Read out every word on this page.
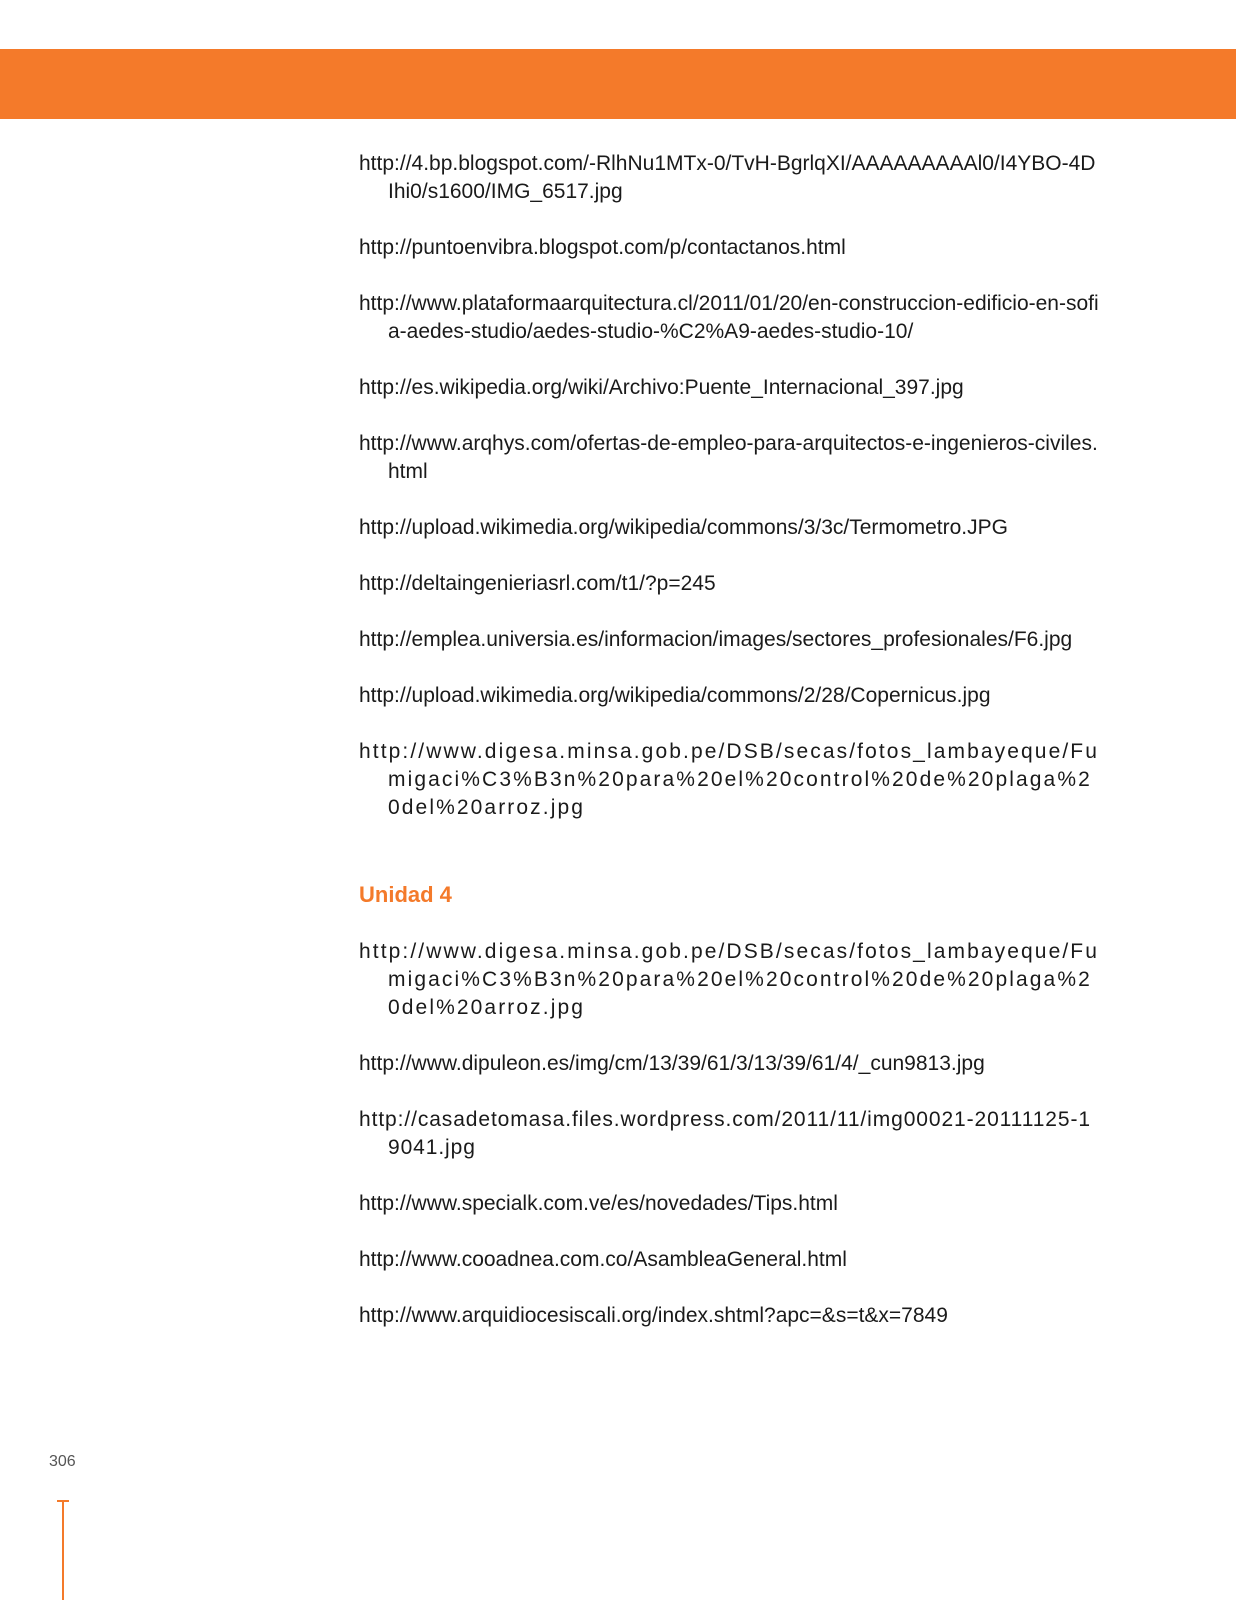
http://4.bp.blogspot.com/-RlhNu1MTx-0/TvH-BgrlqXI/AAAAAAAAAl0/I4YBO-4DIhi0/s1600/IMG_6517.jpg
http://puntoenvibra.blogspot.com/p/contactanos.html
http://www.plataformaarquitectura.cl/2011/01/20/en-construccion-edificio-en-sofia-aedes-studio/aedes-studio-%C2%A9-aedes-studio-10/
http://es.wikipedia.org/wiki/Archivo:Puente_Internacional_397.jpg
http://www.arqhys.com/ofertas-de-empleo-para-arquitectos-e-ingenieros-civiles.html
http://upload.wikimedia.org/wikipedia/commons/3/3c/Termometro.JPG
http://deltaingenieriasrl.com/t1/?p=245
http://emplea.universia.es/informacion/images/sectores_profesionales/F6.jpg
http://upload.wikimedia.org/wikipedia/commons/2/28/Copernicus.jpg
http://www.digesa.minsa.gob.pe/DSB/secas/fotos_lambayeque/Fumigaci%C3%B3n%20para%20el%20control%20de%20plaga%20del%20arroz.jpg
Unidad 4
http://www.digesa.minsa.gob.pe/DSB/secas/fotos_lambayeque/Fumigaci%C3%B3n%20para%20el%20control%20de%20plaga%20del%20arroz.jpg
http://www.dipuleon.es/img/cm/13/39/61/3/13/39/61/4/_cun9813.jpg
http://casadetomasa.files.wordpress.com/2011/11/img00021-20111125-19041.jpg
http://www.specialk.com.ve/es/novedades/Tips.html
http://www.cooadnea.com.co/AsambleaGeneral.html
http://www.arquidiocesiscali.org/index.shtml?apc=&s=t&x=7849
306
